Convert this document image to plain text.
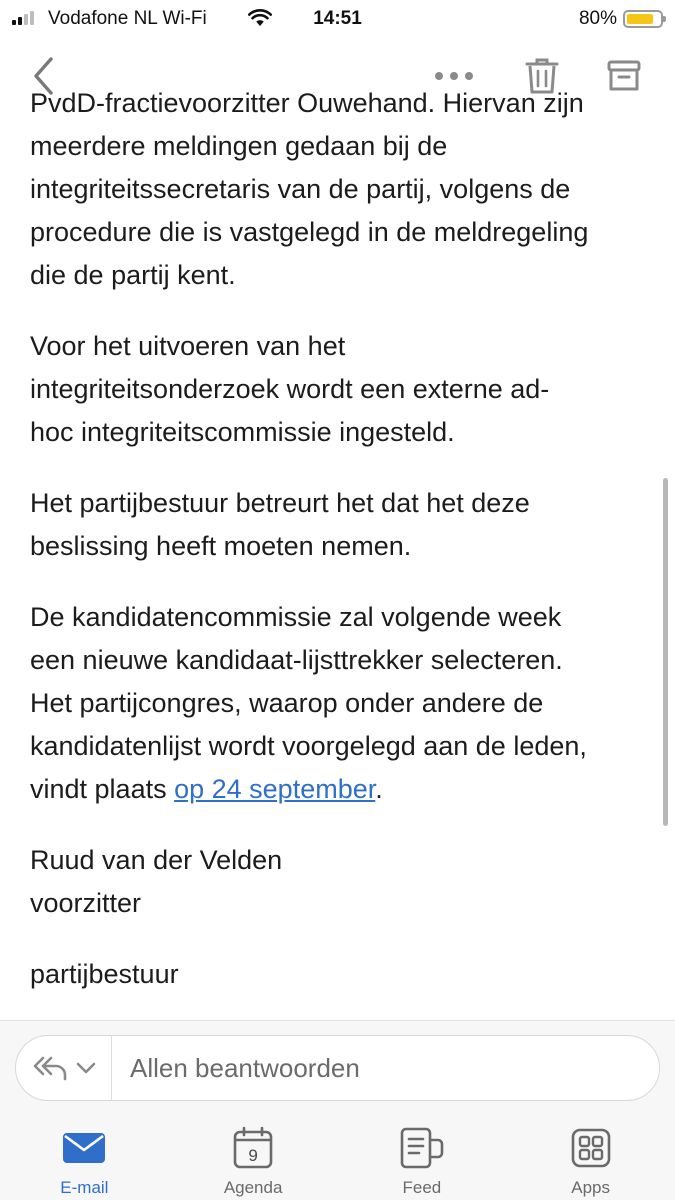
Vodafone NL Wi-Fi	14:51	80%
PvdD-fractievoorzitter Ouwehand. Hiervan zijn
meerdere meldingen gedaan bij de
integriteitssecretaris van de partij, volgens de
procedure die is vastgelegd in de meldregeling
die de partij kent.
Voor het uitvoeren van het
integriteitsonderzoek wordt een externe ad-
hoc integriteitscommissie ingesteld.
Het partijbestuur betreurt het dat het deze
beslissing heeft moeten nemen.
De kandidatencommissie zal volgende week
een nieuwe kandidaat-lijsttrekker selecteren.
Het partijcongres, waarop onder andere de
kandidatenlijst wordt voorgelegd aan de leden,
vindt plaats op 24 september.
Ruud van der Velden
voorzitter
partijbestuur
Allen beantwoorden
E-mail
9
Agenda	Feed	Apps
